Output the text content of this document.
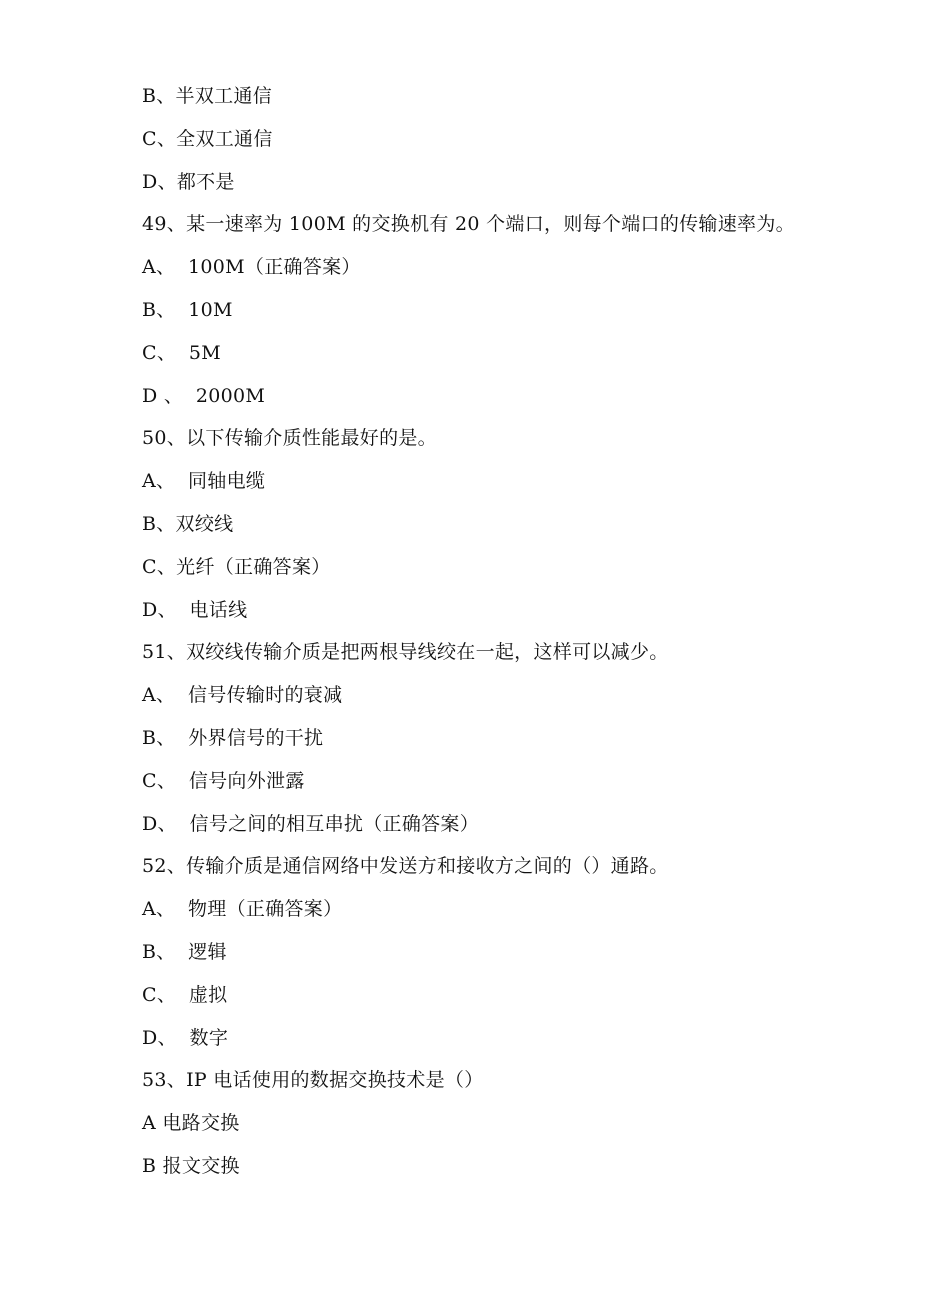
B、半双工通信
C、全双工通信
D、都不是
49、某一速率为 100M 的交换机有 20 个端口，则每个端口的传输速率为。
A、  100M（正确答案）
B、  10M
C、  5M
D 、  2000M
50、以下传输介质性能最好的是。
A、  同轴电缆
B、双绞线
C、光纤（正确答案）
D、  电话线
51、双绞线传输介质是把两根导线绞在一起，这样可以减少。
A、  信号传输时的衰减
B、  外界信号的干扰
C、  信号向外泄露
D、  信号之间的相互串扰（正确答案）
52、传输介质是通信网络中发送方和接收方之间的（）通路。
A、  物理（正确答案）
B、  逻辑
C、  虚拟
D、  数字
53、IP 电话使用的数据交换技术是（）
A 电路交换
B 报文交换
